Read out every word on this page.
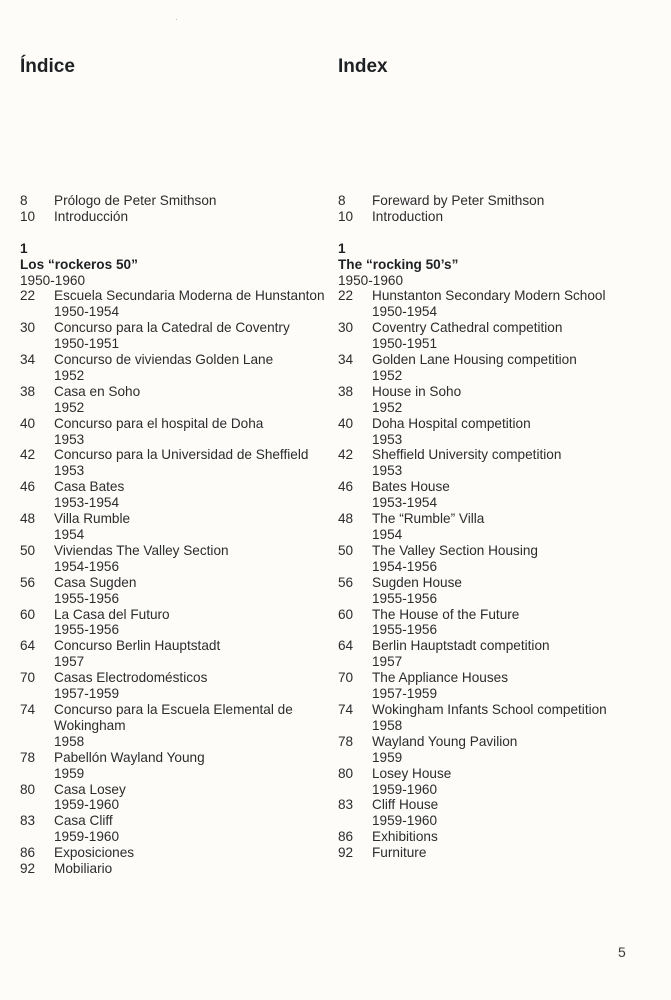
Índice	Index
8	Prólogo de Peter Smithson
10	Introducción
1
Los “rockeros 50”
1950-1960
22	Escuela Secundaria Moderna de Hunstanton
1950-1954
30	Concurso para la Catedral de Coventry
1950-1951
34	Concurso de viviendas Golden Lane
1952
38	Casa en Soho
1952
40	Concurso para el hospital de Doha
1953
42	Concurso para la Universidad de Sheffield
1953
46	Casa Bates
1953-1954
48	Villa Rumble
1954
50	Viviendas The Valley Section
1954-1956
56	Casa Sugden
1955-1956
60	La Casa del Futuro
1955-1956
64	Concurso Berlin Hauptstadt
1957
70	Casas Electrodomésticos
1957-1959
74	Concurso para la Escuela Elemental de Wokingham
1958
78	Pabellón Wayland Young
1959
80	Casa Losey
1959-1960
83	Casa Cliff
1959-1960
86	Exposiciones
92	Mobiliario
8	Foreward by Peter Smithson
10	Introduction
1
The “rocking 50’s”
1950-1960
22	Hunstanton Secondary Modern School
1950-1954
30	Coventry Cathedral competition
1950-1951
34	Golden Lane Housing competition
1952
38	House in Soho
1952
40	Doha Hospital competition
1953
42	Sheffield University competition
1953
46	Bates House
1953-1954
48	The “Rumble” Villa
1954
50	The Valley Section Housing
1954-1956
56	Sugden House
1955-1956
60	The House of the Future
1955-1956
64	Berlin Hauptstadt competition
1957
70	The Appliance Houses
1957-1959
74	Wokingham Infants School competition
1958
78	Wayland Young Pavilion
1959
80	Losey House
1959-1960
83	Cliff House
1959-1960
86	Exhibitions
92	Furniture
5
